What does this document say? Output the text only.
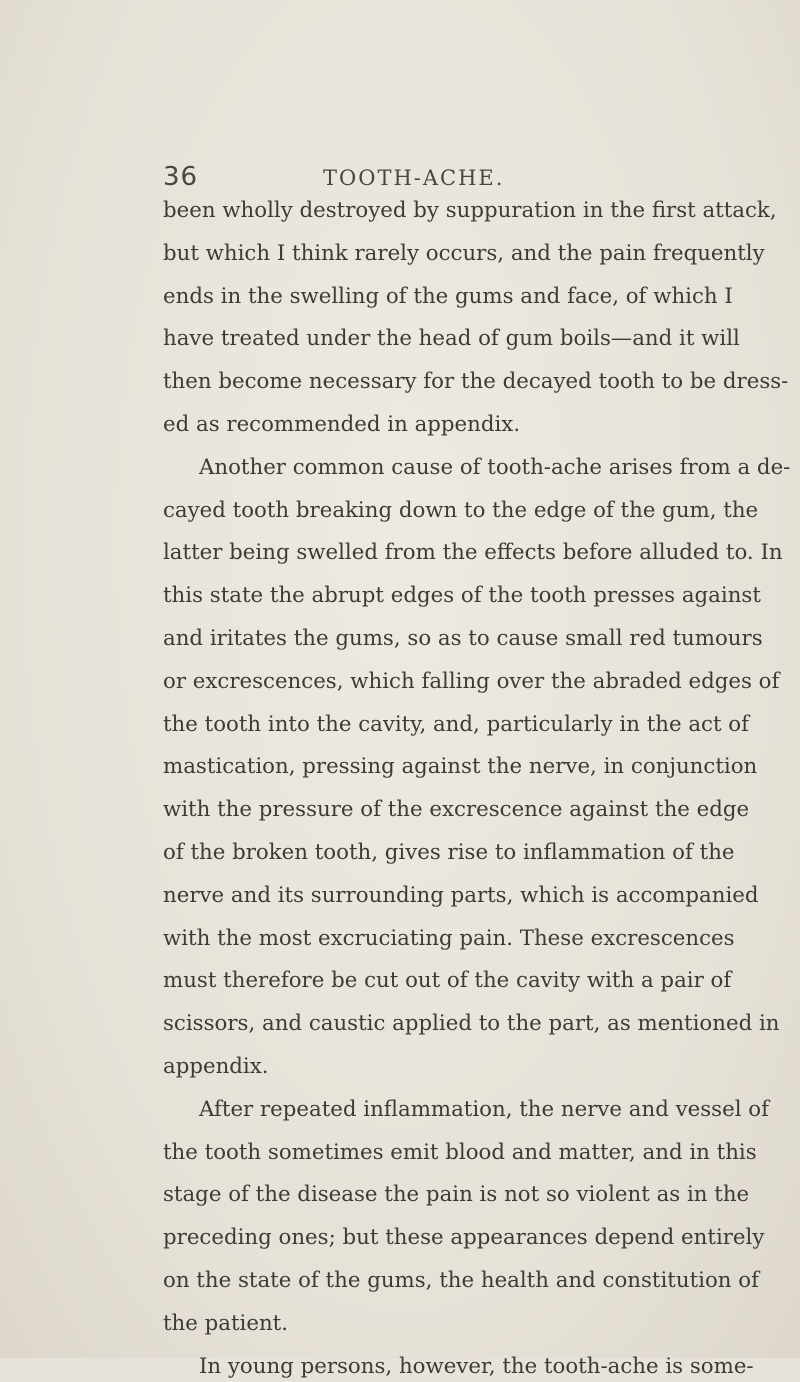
36	TOOTH-ACHE.
been wholly destroyed by suppuration in the first attack,
but which I think rarely occurs, and the pain frequently
ends in the swelling of the gums and face, of which I
have treated under the head of gum boils—and it will
then become necessary for the decayed tooth to be dress-
ed as recommended in appendix.
Another common cause of tooth-ache arises from a de-
cayed tooth breaking down to the edge of the gum, the
latter being swelled from the effects before alluded to. In
this state the abrupt edges of the tooth presses against
and iritates the gums, so as to cause small red tumours
or excrescences, which falling over the abraded edges of
the tooth into the cavity, and, particularly in the act of
mastication, pressing against the nerve, in conjunction
with the pressure of the excrescence against the edge
of the broken tooth, gives rise to inflammation of the
nerve and its surrounding parts, which is accompanied
with the most excruciating pain. These excrescences
must therefore be cut out of the cavity with a pair of
scissors, and caustic applied to the part, as mentioned in
appendix.
After repeated inflammation, the nerve and vessel of
the tooth sometimes emit blood and matter, and in this
stage of the disease the pain is not so violent as in the
preceding ones; but these appearances depend entirely
on the state of the gums, the health and constitution of
the patient.
In young persons, however, the tooth-ache is some-
